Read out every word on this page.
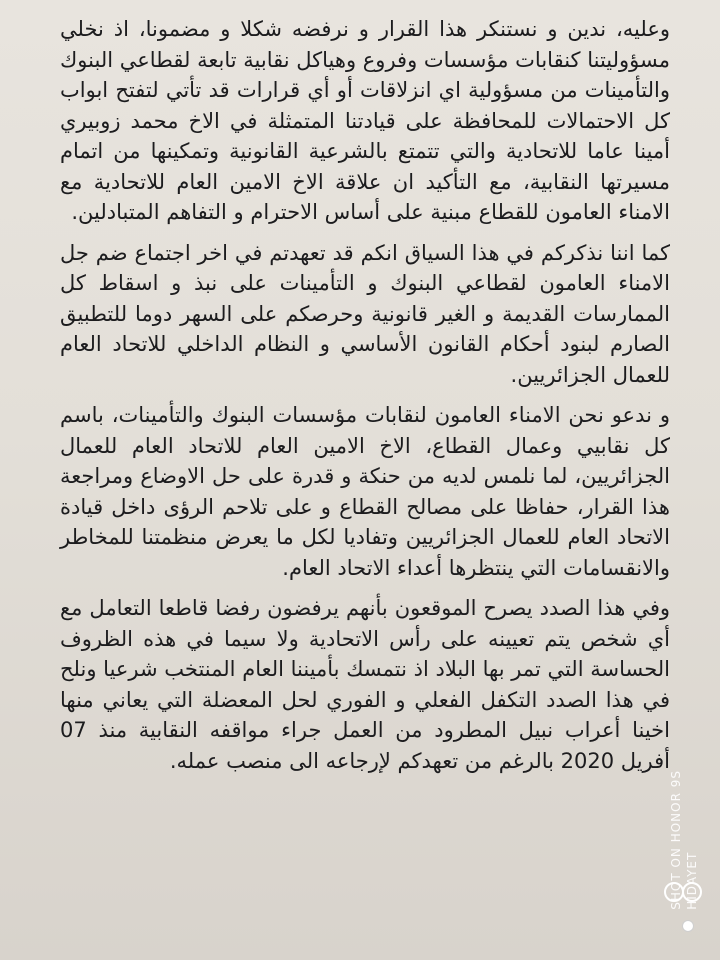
وعليه، ندين و نستنكر هذا القرار و نرفضه شكلا و مضمونا، اذ نخلي مسؤوليتنا كنقابات مؤسسات وفروع وهياكل نقابية تابعة لقطاعي البنوك والتأمينات من مسؤولية اي انزلاقات أو أي قرارات قد تأتي لتفتح ابواب كل الاحتمالات للمحافظة على قيادتنا المتمثلة في الاخ محمد زوبيري أمينا عاما للاتحادية والتي تتمتع بالشرعية القانونية وتمكينها من اتمام مسيرتها النقابية، مع التأكيد ان علاقة الاخ الامين العام للاتحادية مع الامناء العامون للقطاع مبنية على أساس الاحترام و التفاهم المتبادلين.

كما اننا نذكركم في هذا السياق انكم قد تعهدتم في اخر اجتماع ضم جل الامناء العامون لقطاعي البنوك و التأمينات على نبذ و اسقاط كل الممارسات القديمة و الغير قانونية وحرصكم على السهر دوما للتطبيق الصارم لبنود أحكام القانون الأساسي و النظام الداخلي للاتحاد العام للعمال الجزائريين.

و ندعو نحن الامناء العامون لنقابات مؤسسات البنوك والتأمينات، باسم كل نقابيي وعمال القطاع، الاخ الامين العام للاتحاد العام للعمال الجزائريين، لما نلمس لديه من حنكة و قدرة على حل الاوضاع ومراجعة هذا القرار، حفاظا على مصالح القطاع و على تلاحم الرؤى داخل قيادة الاتحاد العام للعمال الجزائريين وتفاديا لكل ما يعرض منظمتنا للمخاطر والانقسامات التي ينتظرها أعداء الاتحاد العام.

وفي هذا الصدد يصرح الموقعون بأنهم يرفضون رفضا قاطعا التعامل مع أي شخص يتم تعيينه على رأس الاتحادية ولا سيما في هذه الظروف الحساسة التي تمر بها البلاد اذ نتمسك بأميننا العام المنتخب شرعيا ونلح في هذا الصدد التكفل الفعلي و الفوري لحل المعضلة التي يعاني منها اخينا أعراب نبيل المطرود من العمل جراء مواقفه النقابية منذ 07 أفريل 2020 بالرغم من تعهدكم لإرجاعه الى منصب عمله.

SHOT ON HONOR 9S HIDAYET
